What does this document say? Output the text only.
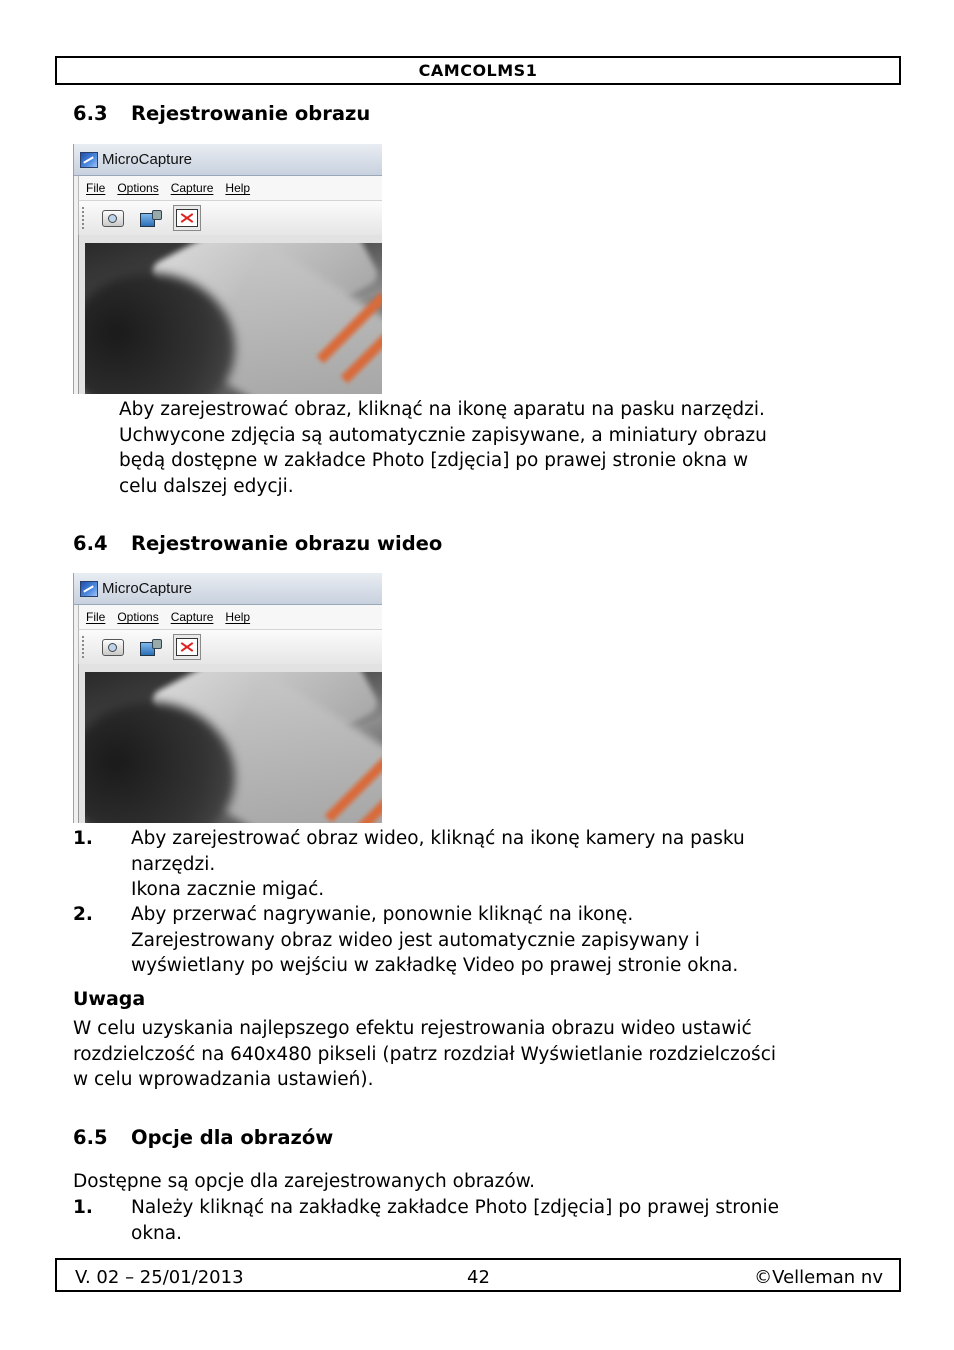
CAMCOLMS1
6.3 Rejestrowanie obrazu
MicroCapture
File Options Capture Help
Aby zarejestrować obraz, kliknąć na ikonę aparatu na pasku narzędzi.
Uchwycone zdjęcia są automatycznie zapisywane, a miniatury obrazu
będą dostępne w zakładce Photo [zdjęcia] po prawej stronie okna w
celu dalszej edycji.
6.4 Rejestrowanie obrazu wideo
MicroCapture
File Options Capture Help
1. Aby zarejestrować obraz wideo, kliknąć na ikonę kamery na pasku
narzędzi.
Ikona zacznie migać.
2. Aby przerwać nagrywanie, ponownie kliknąć na ikonę.
Zarejestrowany obraz wideo jest automatycznie zapisywany i
wyświetlany po wejściu w zakładkę Video po prawej stronie okna.
Uwaga
W celu uzyskania najlepszego efektu rejestrowania obrazu wideo ustawić
rozdzielczość na 640x480 pikseli (patrz rozdział Wyświetlanie rozdzielczości
w celu wprowadzania ustawień).
6.5 Opcje dla obrazów
Dostępne są opcje dla zarejestrowanych obrazów.
1. Należy kliknąć na zakładkę zakładce Photo [zdjęcia] po prawej stronie
okna.
V. 02 – 25/01/2013	42	©Velleman nv
